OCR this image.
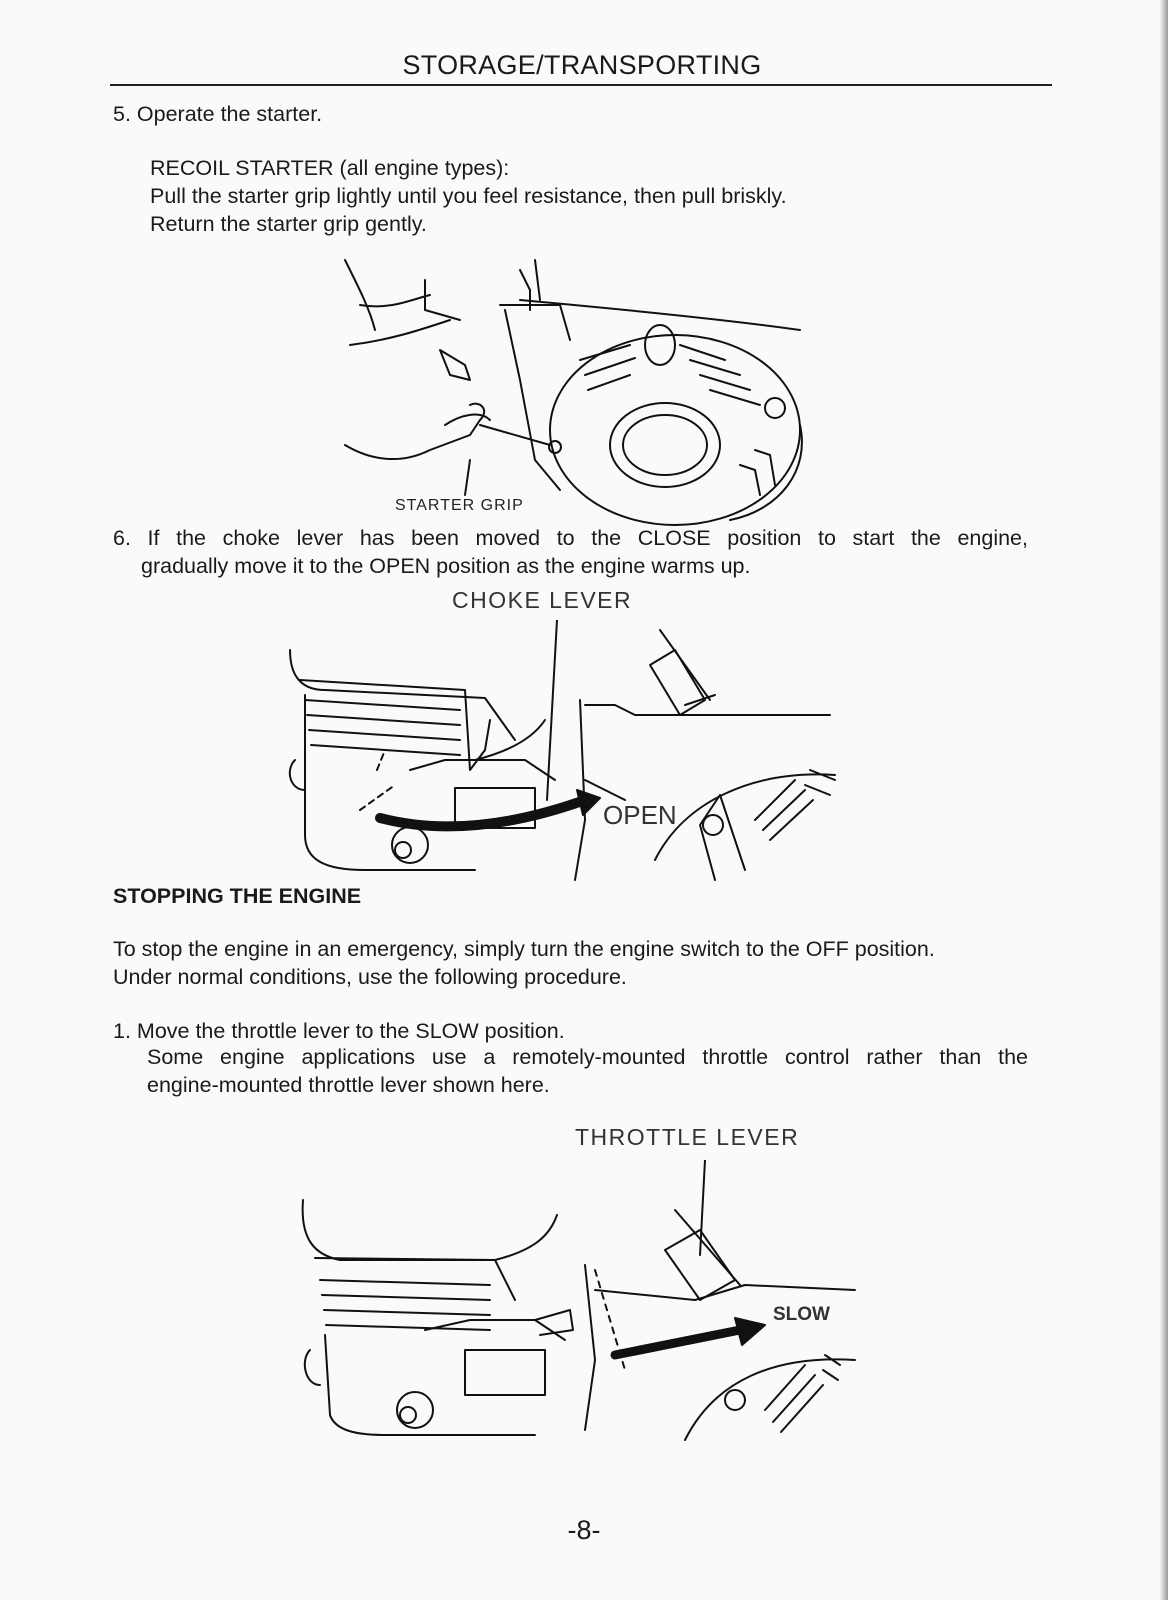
STORAGE/TRANSPORTING
5. Operate the starter.
RECOIL STARTER (all engine types):
Pull the starter grip lightly until you feel resistance, then pull briskly.
Return the starter grip gently.
STARTER GRIP
6. If the choke lever has been moved to the CLOSE position to start the engine,
gradually move it to the OPEN position as the engine warms up.
CHOKE LEVER
OPEN
STOPPING THE ENGINE
To stop the engine in an emergency, simply turn the engine switch to the OFF position.
Under normal conditions, use the following procedure.
1. Move the throttle lever to the SLOW position.
Some engine applications use a remotely-mounted throttle control rather than the
engine-mounted throttle lever shown here.
THROTTLE LEVER
SLOW
-8-
